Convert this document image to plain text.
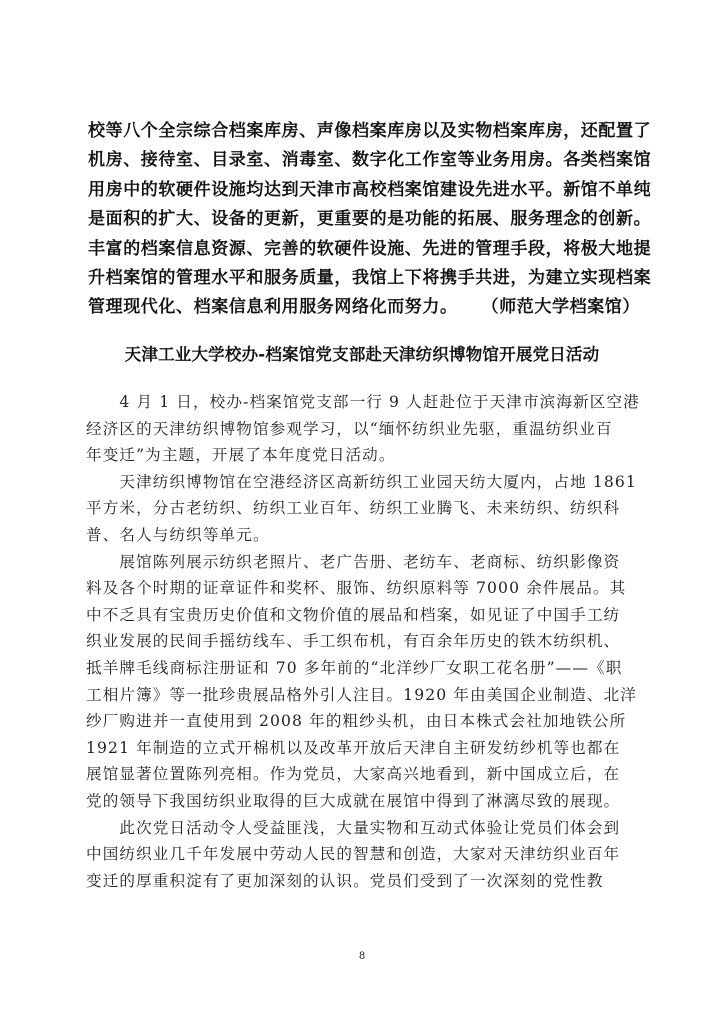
校等八个全宗综合档案库房、声像档案库房以及实物档案库房，还配置了
机房、接待室、目录室、消毒室、数字化工作室等业务用房。各类档案馆
用房中的软硬件设施均达到天津市高校档案馆建设先进水平。新馆不单纯
是面积的扩大、设备的更新，更重要的是功能的拓展、服务理念的创新。
丰富的档案信息资源、完善的软硬件设施、先进的管理手段，将极大地提
升档案馆的管理水平和服务质量，我馆上下将携手共进，为建立实现档案
管理现代化、档案信息利用服务网络化而努力。 （师范大学档案馆）
天津工业大学校办-档案馆党支部赴天津纺织博物馆开展党日活动
　　4 月 1 日，校办-档案馆党支部一行 9 人赶赴位于天津市滨海新区空港
经济区的天津纺织博物馆参观学习，以“缅怀纺织业先驱，重温纺织业百
年变迁”为主题，开展了本年度党日活动。
　　天津纺织博物馆在空港经济区高新纺织工业园天纺大厦内，占地 1861
平方米，分古老纺织、纺织工业百年、纺织工业腾飞、未来纺织、纺织科
普、名人与纺织等单元。
　　展馆陈列展示纺织老照片、老广告册、老纺车、老商标、纺织影像资
料及各个时期的证章证件和奖杯、服饰、纺织原料等 7000 余件展品。其
中不乏具有宝贵历史价值和文物价值的展品和档案，如见证了中国手工纺
织业发展的民间手摇纺线车、手工织布机，有百余年历史的铁木纺织机、
抵羊牌毛线商标注册证和 70 多年前的“北洋纱厂女职工花名册”——《职
工相片簿》等一批珍贵展品格外引人注目。1920 年由美国企业制造、北洋
纱厂购进并一直使用到 2008 年的粗纱头机，由日本株式会社加地铁公所
1921 年制造的立式开棉机以及改革开放后天津自主研发纺纱机等也都在
展馆显著位置陈列亮相。作为党员，大家高兴地看到，新中国成立后，在
党的领导下我国纺织业取得的巨大成就在展馆中得到了淋漓尽致的展现。
　　此次党日活动令人受益匪浅，大量实物和互动式体验让党员们体会到
中国纺织业几千年发展中劳动人民的智慧和创造，大家对天津纺织业百年
变迁的厚重积淀有了更加深刻的认识。党员们受到了一次深刻的党性教
8
